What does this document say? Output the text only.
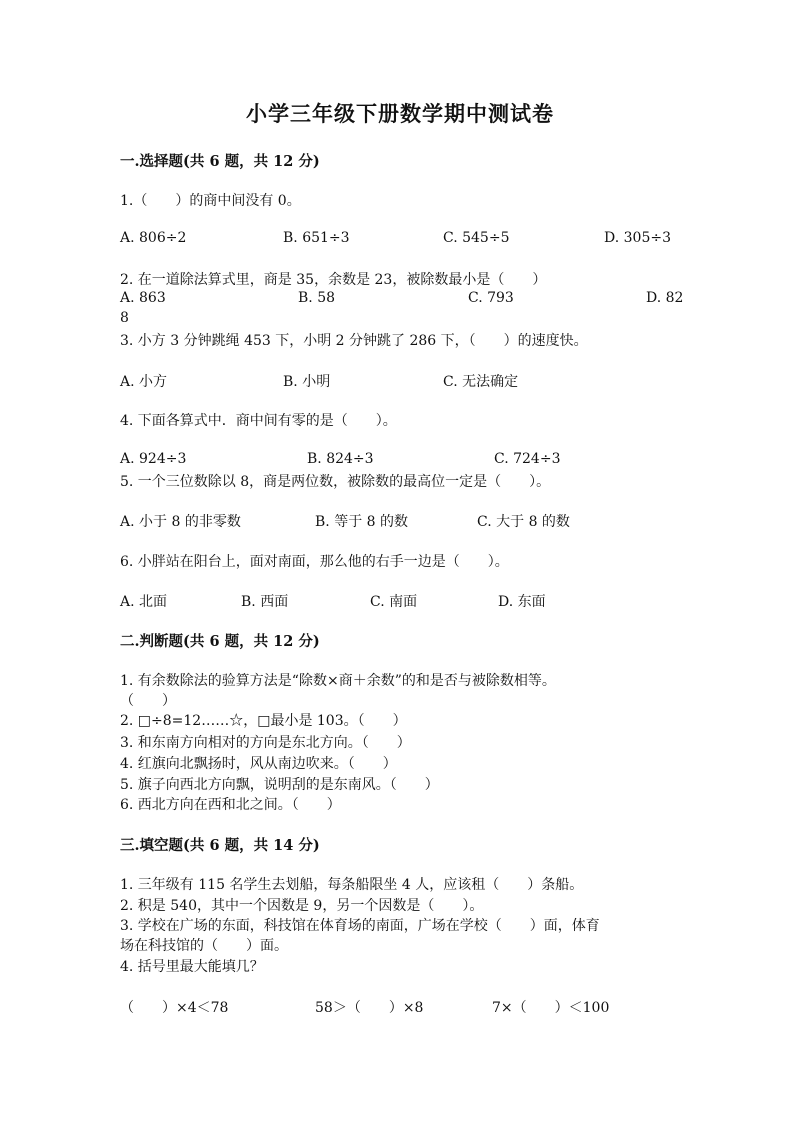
小学三年级下册数学期中测试卷
一.选择题(共 6 题，共 12 分)
1.（　　）的商中间没有 0。
A. 806÷2	B. 651÷3	C. 545÷5	D. 305÷3
2. 在一道除法算式里，商是 35，余数是 23，被除数最小是（　　）
A. 863	B. 58	C. 793	D. 82
8
3. 小方 3 分钟跳绳 453 下，小明 2 分钟跳了 286 下，（　　）的速度快。
A. 小方	B. 小明	C. 无法确定
4. 下面各算式中．商中间有零的是（　　）。
A. 924÷3	B. 824÷3	C. 724÷3
5. 一个三位数除以 8，商是两位数，被除数的最高位一定是（　　）。
A. 小于 8 的非零数	B. 等于 8 的数	C. 大于 8 的数
6. 小胖站在阳台上，面对南面，那么他的右手一边是（　　）。
A. 北面	B. 西面	C. 南面	D. 东面
二.判断题(共 6 题，共 12 分)
1. 有余数除法的验算方法是“除数×商＋余数”的和是否与被除数相等。
（　　）
2. □÷8=12……☆，□最小是 103。（　　）
3. 和东南方向相对的方向是东北方向。（　　）
4. 红旗向北飘扬时，风从南边吹来。（　　）
5. 旗子向西北方向飘，说明刮的是东南风。（　　）
6. 西北方向在西和北之间。（　　）
三.填空题(共 6 题，共 14 分)
1. 三年级有 115 名学生去划船，每条船限坐 4 人，应该租（　　）条船。
2. 积是 540，其中一个因数是 9，另一个因数是（　　）。
3. 学校在广场的东面，科技馆在体育场的南面，广场在学校（　　）面，体育
场在科技馆的（　　）面。
4. 括号里最大能填几？
（　　）×4＜78	58＞（　　）×8	7×（　　）＜100
